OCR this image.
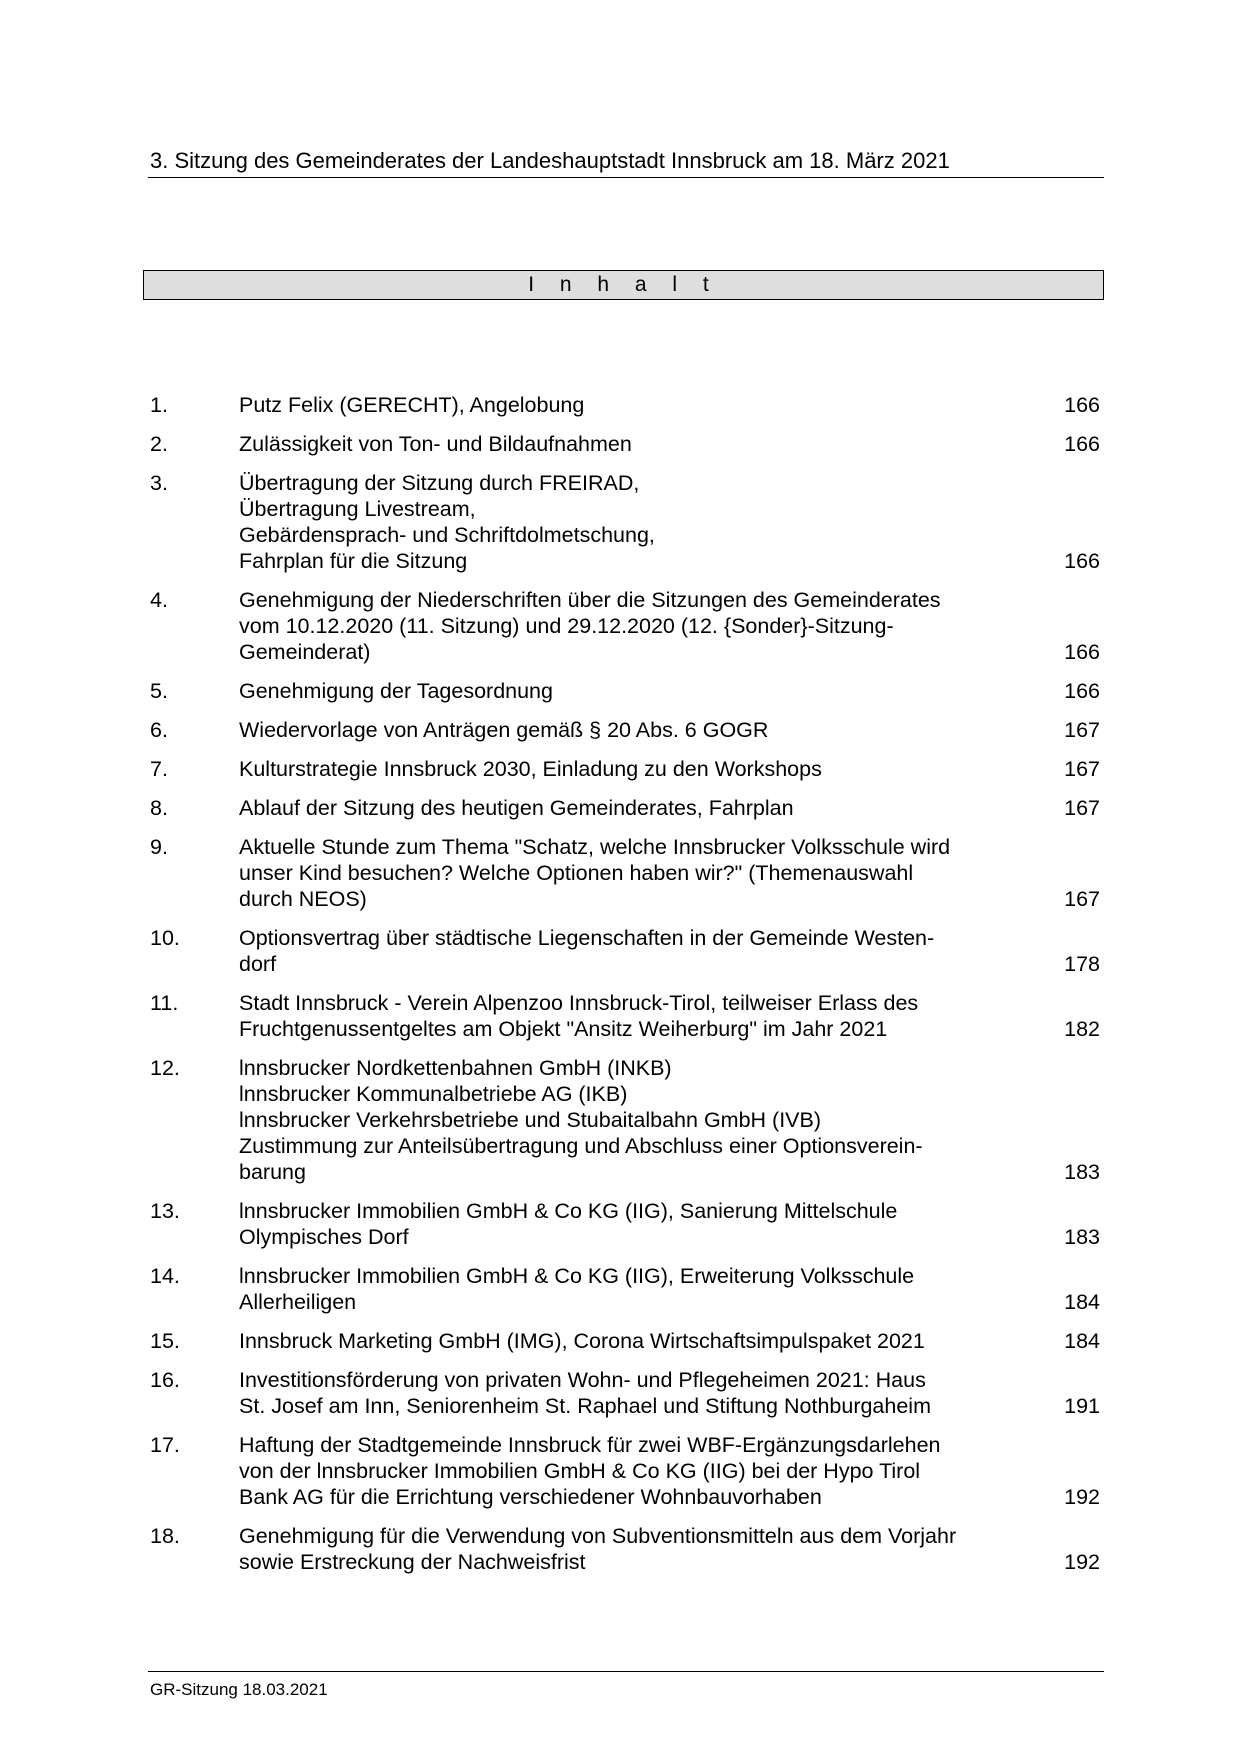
3. Sitzung des Gemeinderates der Landeshauptstadt Innsbruck am 18. März 2021
I n h a l t
1.	Putz Felix (GERECHT), Angelobung	166
2.	Zulässigkeit von Ton- und Bildaufnahmen	166
3.	Übertragung der Sitzung durch FREIRAD,
Übertragung Livestream,
Gebärdensprach- und Schriftdolmetschung,
Fahrplan für die Sitzung	166
4.	Genehmigung der Niederschriften über die Sitzungen des Gemeinderates
vom 10.12.2020 (11. Sitzung) und 29.12.2020 (12. {Sonder}-Sitzung-
Gemeinderat)	166
5.	Genehmigung der Tagesordnung	166
6.	Wiedervorlage von Anträgen gemäß § 20 Abs. 6 GOGR	167
7.	Kulturstrategie Innsbruck 2030, Einladung zu den Workshops	167
8.	Ablauf der Sitzung des heutigen Gemeinderates, Fahrplan	167
9.	Aktuelle Stunde zum Thema "Schatz, welche Innsbrucker Volksschule wird
unser Kind besuchen? Welche Optionen haben wir?" (Themenauswahl
durch NEOS)	167
10.	Optionsvertrag über städtische Liegenschaften in der Gemeinde Westen-
dorf	178
11.	Stadt Innsbruck - Verein Alpenzoo Innsbruck-Tirol, teilweiser Erlass des
Fruchtgenussentgeltes am Objekt "Ansitz Weiherburg" im Jahr 2021	182
12.	lnnsbrucker Nordkettenbahnen GmbH (INKB)
lnnsbrucker Kommunalbetriebe AG (IKB)
lnnsbrucker Verkehrsbetriebe und Stubaitalbahn GmbH (IVB)
Zustimmung zur Anteilsübertragung und Abschluss einer Optionsverein-
barung	183
13.	lnnsbrucker Immobilien GmbH & Co KG (IIG), Sanierung Mittelschule
Olympisches Dorf	183
14.	lnnsbrucker Immobilien GmbH & Co KG (IIG), Erweiterung Volksschule
Allerheiligen	184
15.	Innsbruck Marketing GmbH (IMG), Corona Wirtschaftsimpulspaket 2021	184
16.	Investitionsförderung von privaten Wohn- und Pflegeheimen 2021: Haus
St. Josef am Inn, Seniorenheim St. Raphael und Stiftung Nothburgaheim	191
17.	Haftung der Stadtgemeinde Innsbruck für zwei WBF-Ergänzungsdarlehen
von der lnnsbrucker Immobilien GmbH & Co KG (IIG) bei der Hypo Tirol
Bank AG für die Errichtung verschiedener Wohnbauvorhaben	192
18.	Genehmigung für die Verwendung von Subventionsmitteln aus dem Vorjahr
sowie Erstreckung der Nachweisfrist	192
GR-Sitzung 18.03.2021
